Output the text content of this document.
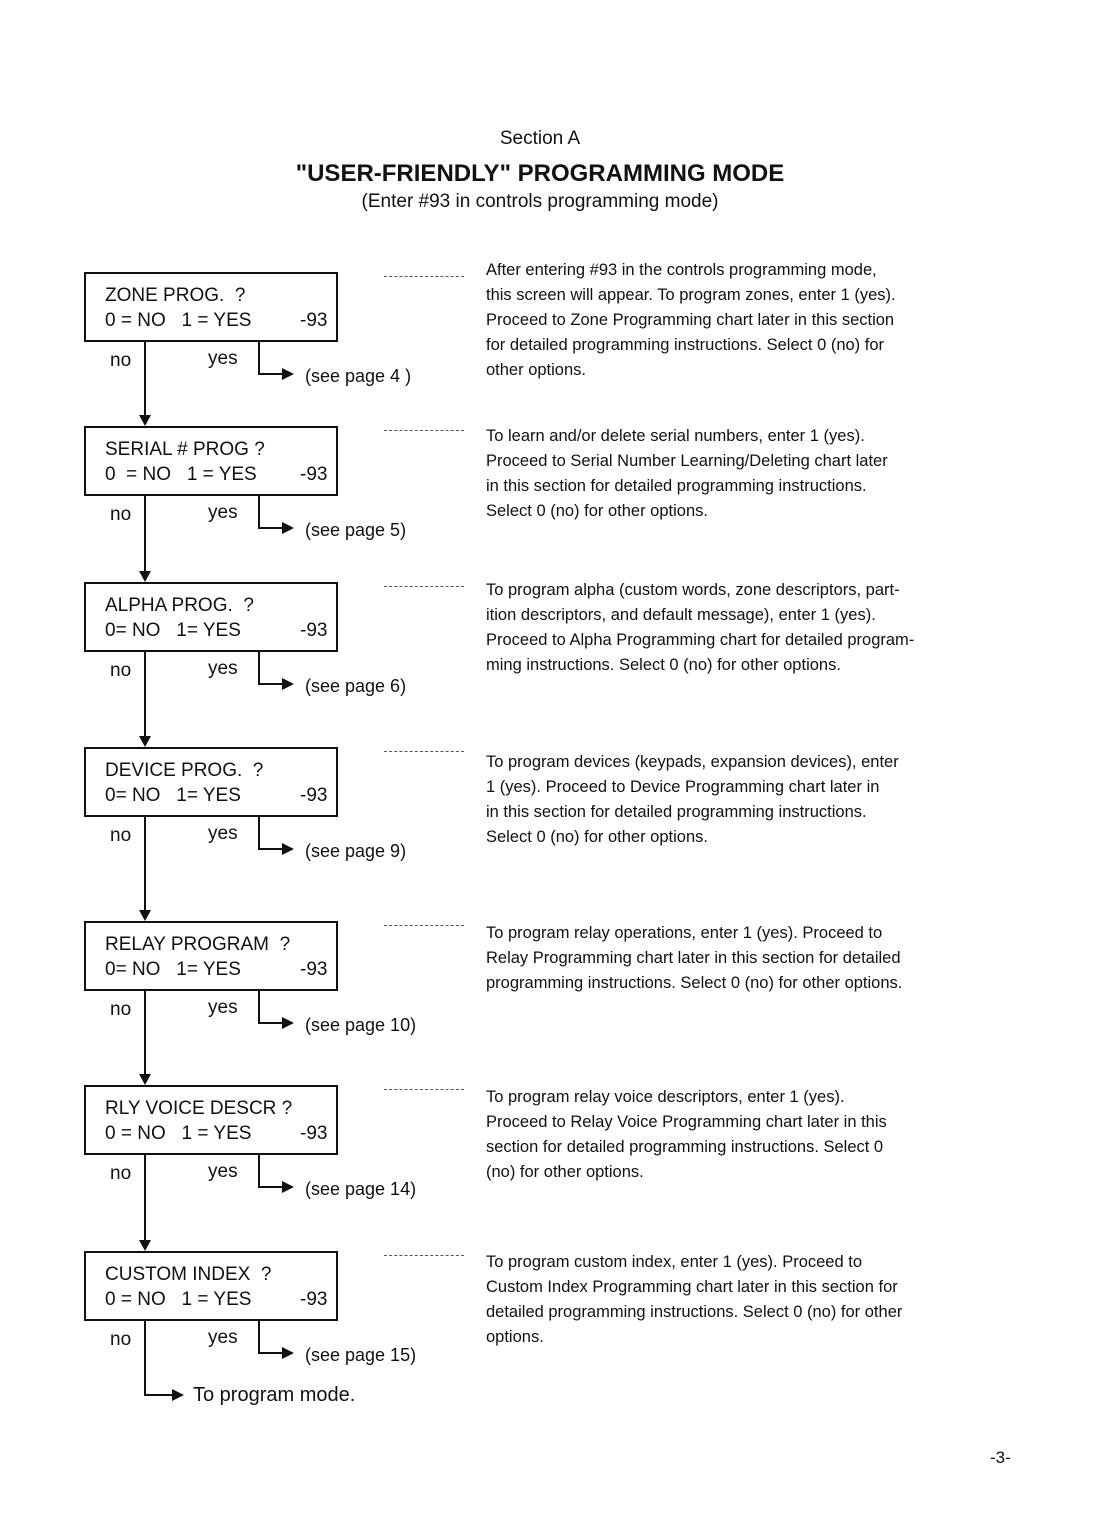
Section A
"USER-FRIENDLY" PROGRAMMING MODE
(Enter #93 in controls programming mode)
ZONE PROG.  ?
0 = NO   1 = YES	-93
(see page 4 )
no	yes
After entering #93 in the controls programming mode,
this screen will appear. To program zones, enter 1 (yes).
Proceed to Zone Programming chart later in this section
for detailed programming instructions. Select 0 (no) for
other options.
SERIAL # PROG ?
0  = NO   1 = YES -93
(see page 5)
no	yes
To learn and/or delete serial numbers, enter 1 (yes).
Proceed to Serial Number Learning/Deleting chart later
in this section for detailed programming instructions.
Select 0 (no) for other options.
ALPHA PROG.  ?
0= NO   1= YES	-93
(see page 6)
no	yes
To program alpha (custom words, zone descriptors, part-
ition descriptors, and default message), enter 1 (yes).
Proceed to Alpha Programming chart for detailed program-
ming instructions. Select 0 (no) for other options.
DEVICE PROG.  ?
0= NO   1= YES	-93
(see page 9)
no	yes
To program devices (keypads, expansion devices), enter
1 (yes). Proceed to Device Programming chart later in
in this section for detailed programming instructions.
Select 0 (no) for other options.
RELAY PROGRAM  ?
0= NO   1= YES	-93
(see page 10)
no	yes
To program relay operations, enter 1 (yes). Proceed to
Relay Programming chart later in this section for detailed
programming instructions. Select 0 (no) for other options.
RLY VOICE DESCR ?
0 = NO   1 = YES	-93
(see page 14)
no	yes
To program relay voice descriptors, enter 1 (yes).
Proceed to Relay Voice Programming chart later in this
section for detailed programming instructions. Select 0
(no) for other options.
CUSTOM INDEX  ?
0 = NO   1 = YES	-93
(see page 15)
no	yes
To program custom index, enter 1 (yes). Proceed to
Custom Index Programming chart later in this section for
detailed programming instructions. Select 0 (no) for other
options.
To program mode.
-3-
